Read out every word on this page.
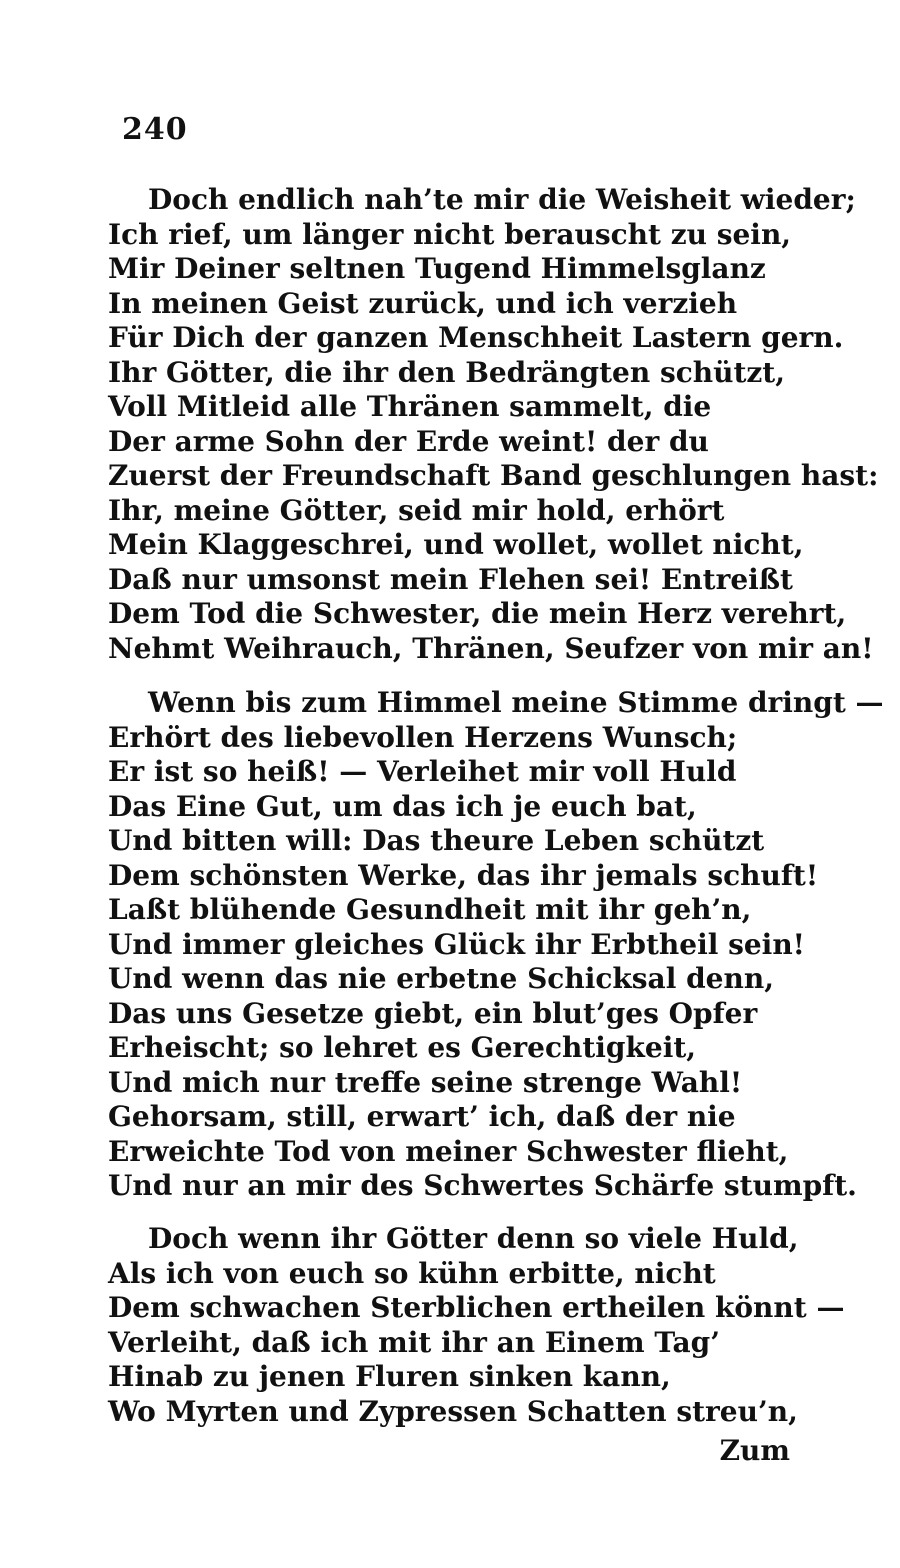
240
Doch endlich nah’te mir die Weisheit wieder;
Ich rief, um länger nicht berauscht zu sein,
Mir Deiner seltnen Tugend Himmelsglanz
In meinen Geist zurück, und ich verzieh
Für Dich der ganzen Menschheit Lastern gern.
Ihr Götter, die ihr den Bedrängten schützt,
Voll Mitleid alle Thränen sammelt, die
Der arme Sohn der Erde weint! der du
Zuerst der Freundschaft Band geschlungen hast:
Ihr, meine Götter, seid mir hold, erhört
Mein Klaggeschrei, und wollet, wollet nicht,
Daß nur umsonst mein Flehen sei! Entreißt
Dem Tod die Schwester, die mein Herz verehrt,
Nehmt Weihrauch, Thränen, Seufzer von mir an!
Wenn bis zum Himmel meine Stimme dringt —
Erhört des liebevollen Herzens Wunsch;
Er ist so heiß! — Verleihet mir voll Huld
Das Eine Gut, um das ich je euch bat,
Und bitten will: Das theure Leben schützt
Dem schönsten Werke, das ihr jemals schuft!
Laßt blühende Gesundheit mit ihr geh’n,
Und immer gleiches Glück ihr Erbtheil sein!
Und wenn das nie erbetne Schicksal denn,
Das uns Gesetze giebt, ein blut’ges Opfer
Erheischt; so lehret es Gerechtigkeit,
Und mich nur treffe seine strenge Wahl!
Gehorsam, still, erwart’ ich, daß der nie
Erweichte Tod von meiner Schwester flieht,
Und nur an mir des Schwertes Schärfe stumpft.
Doch wenn ihr Götter denn so viele Huld,
Als ich von euch so kühn erbitte, nicht
Dem schwachen Sterblichen ertheilen könnt —
Verleiht, daß ich mit ihr an Einem Tag’
Hinab zu jenen Fluren sinken kann,
Wo Myrten und Zypressen Schatten streu’n,
Zum
